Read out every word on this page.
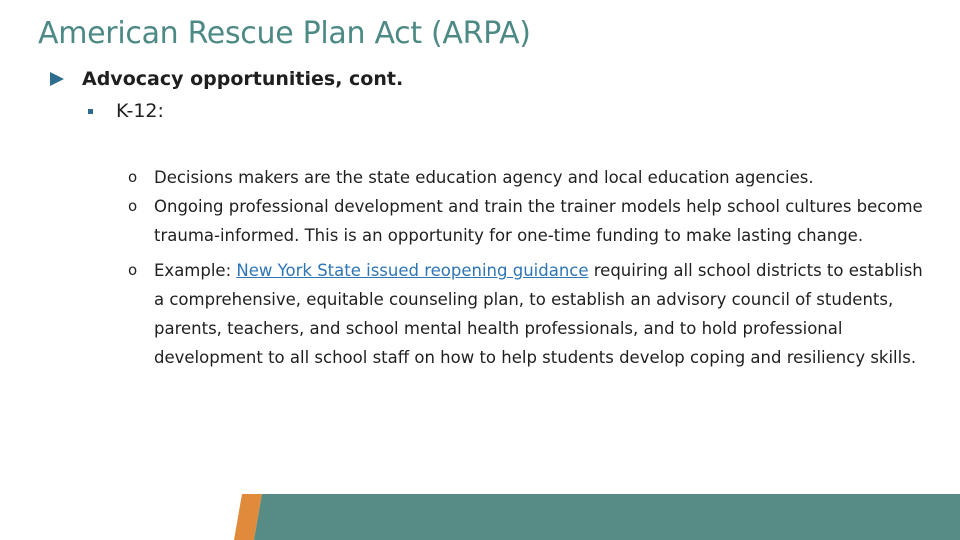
American Rescue Plan Act (ARPA)
Advocacy opportunities, cont.
K-12:
o	Decisions makers are the state education agency and local education agencies.
o	Ongoing professional development and train the trainer models help school cultures become trauma-informed. This is an opportunity for one-time funding to make lasting change.
o	Example: New York State issued reopening guidance requiring all school districts to establish a comprehensive, equitable counseling plan, to establish an advisory council of students, parents, teachers, and school mental health professionals, and to hold professional development to all school staff on how to help students develop coping and resiliency skills.
